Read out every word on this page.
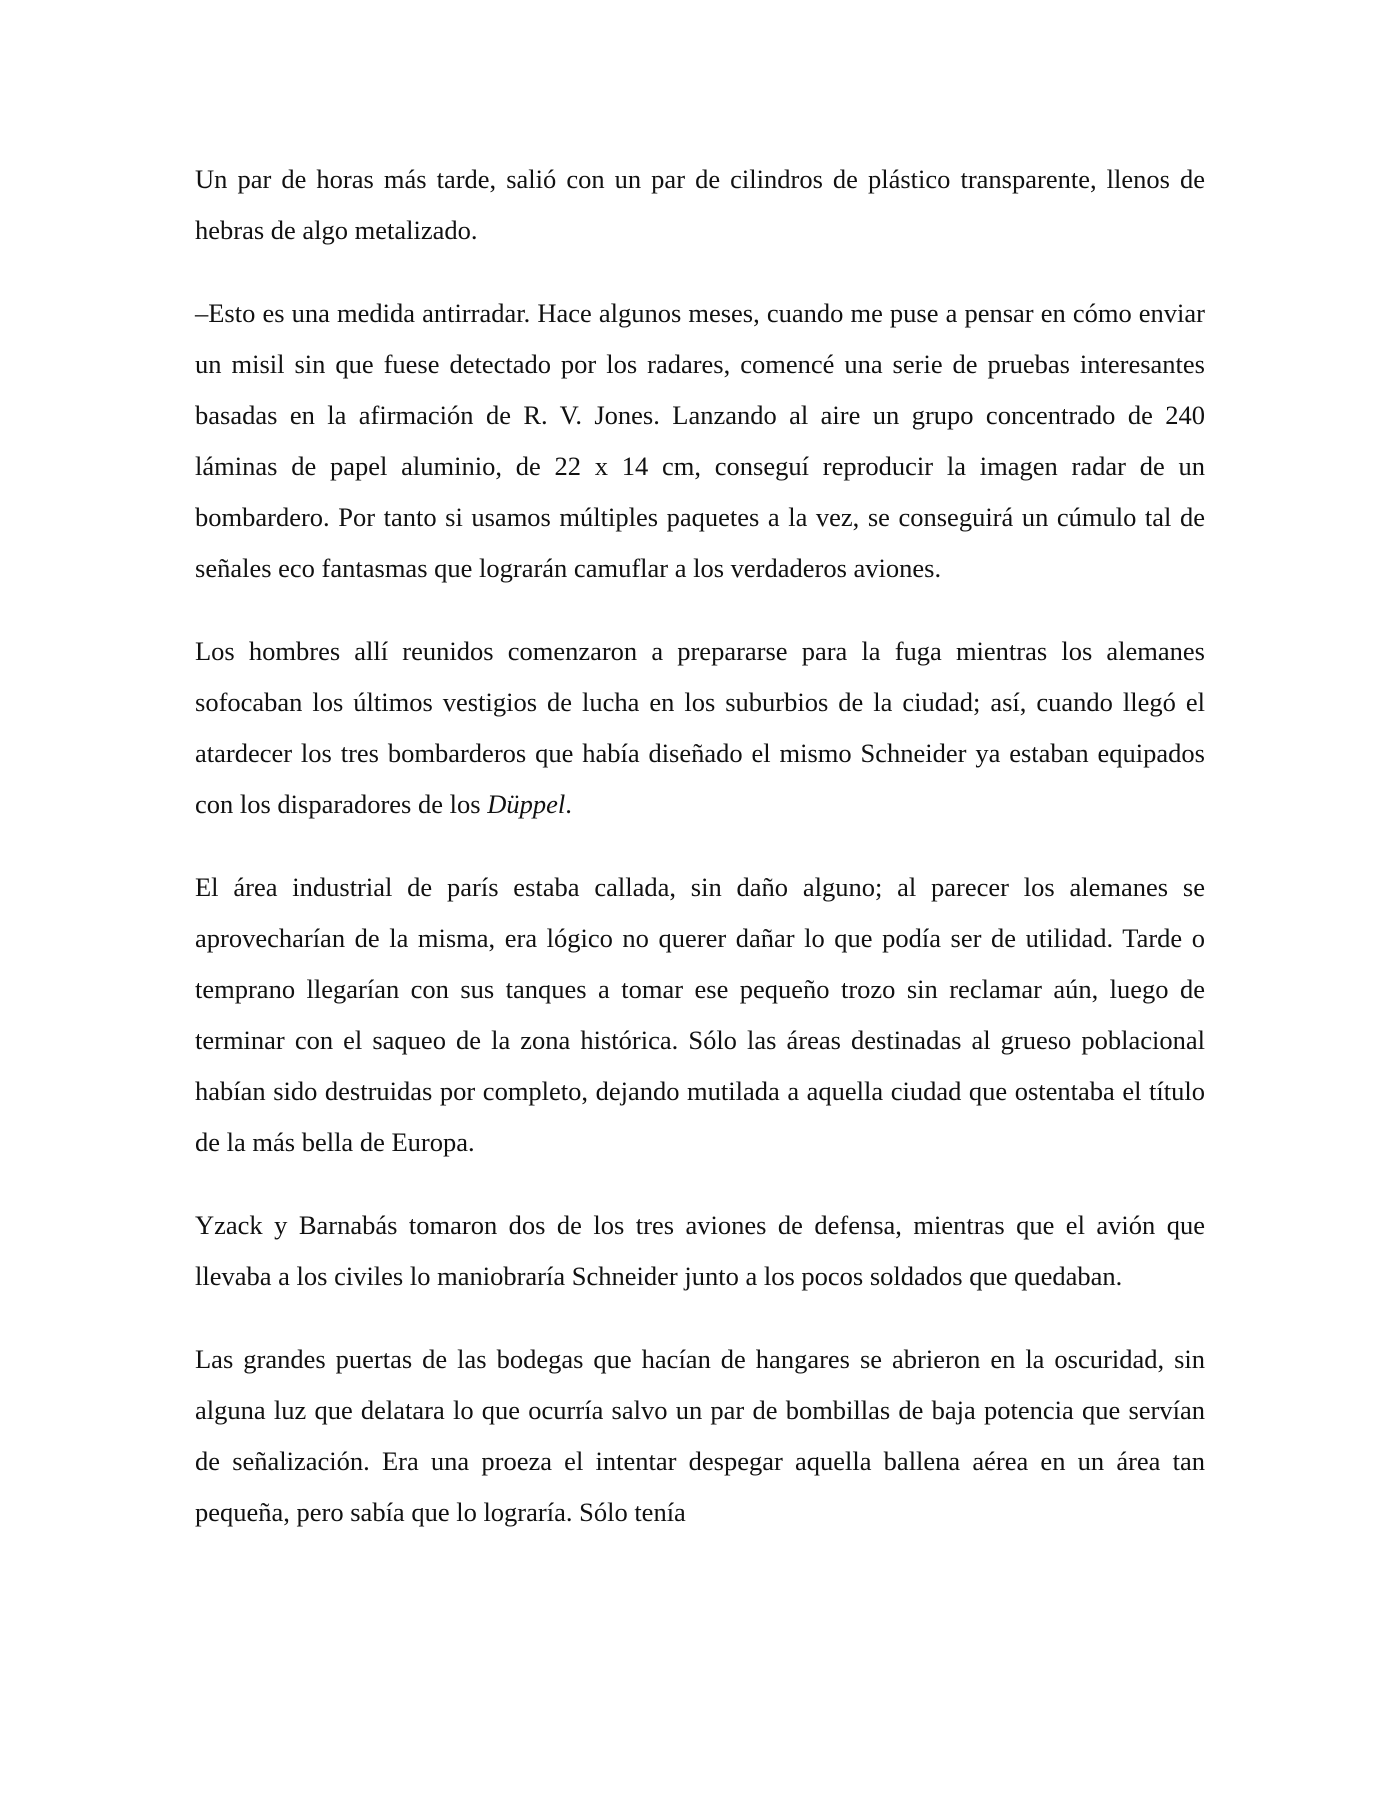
Un par de horas más tarde, salió con un par de cilindros de plástico transparente, llenos de hebras de algo metalizado.

–Esto es una medida antirradar. Hace algunos meses, cuando me puse a pensar en cómo enviar un misil sin que fuese detectado por los radares, comencé una serie de pruebas interesantes basadas en la afirmación de R. V. Jones. Lanzando al aire un grupo concentrado de 240 láminas de papel aluminio, de 22 x 14 cm, conseguí reproducir la imagen radar de un bombardero. Por tanto si usamos múltiples paquetes a la vez, se conseguirá un cúmulo tal de señales eco fantasmas que lograrán camuflar a los verdaderos aviones.

Los hombres allí reunidos comenzaron a prepararse para la fuga mientras los alemanes sofocaban los últimos vestigios de lucha en los suburbios de la ciudad; así, cuando llegó el atardecer los tres bombarderos que había diseñado el mismo Schneider ya estaban equipados con los disparadores de los Düppel.

El área industrial de parís estaba callada, sin daño alguno; al parecer los alemanes se aprovecharían de la misma, era lógico no querer dañar lo que podía ser de utilidad. Tarde o temprano llegarían con sus tanques a tomar ese pequeño trozo sin reclamar aún, luego de terminar con el saqueo de la zona histórica. Sólo las áreas destinadas al grueso poblacional habían sido destruidas por completo, dejando mutilada a aquella ciudad que ostentaba el título de la más bella de Europa.

Yzack y Barnabás tomaron dos de los tres aviones de defensa, mientras que el avión que llevaba a los civiles lo maniobraría Schneider junto a los pocos soldados que quedaban.

Las grandes puertas de las bodegas que hacían de hangares se abrieron en la oscuridad, sin alguna luz que delatara lo que ocurría salvo un par de bombillas de baja potencia que servían de señalización. Era una proeza el intentar despegar aquella ballena aérea en un área tan pequeña, pero sabía que lo lograría. Sólo tenía
